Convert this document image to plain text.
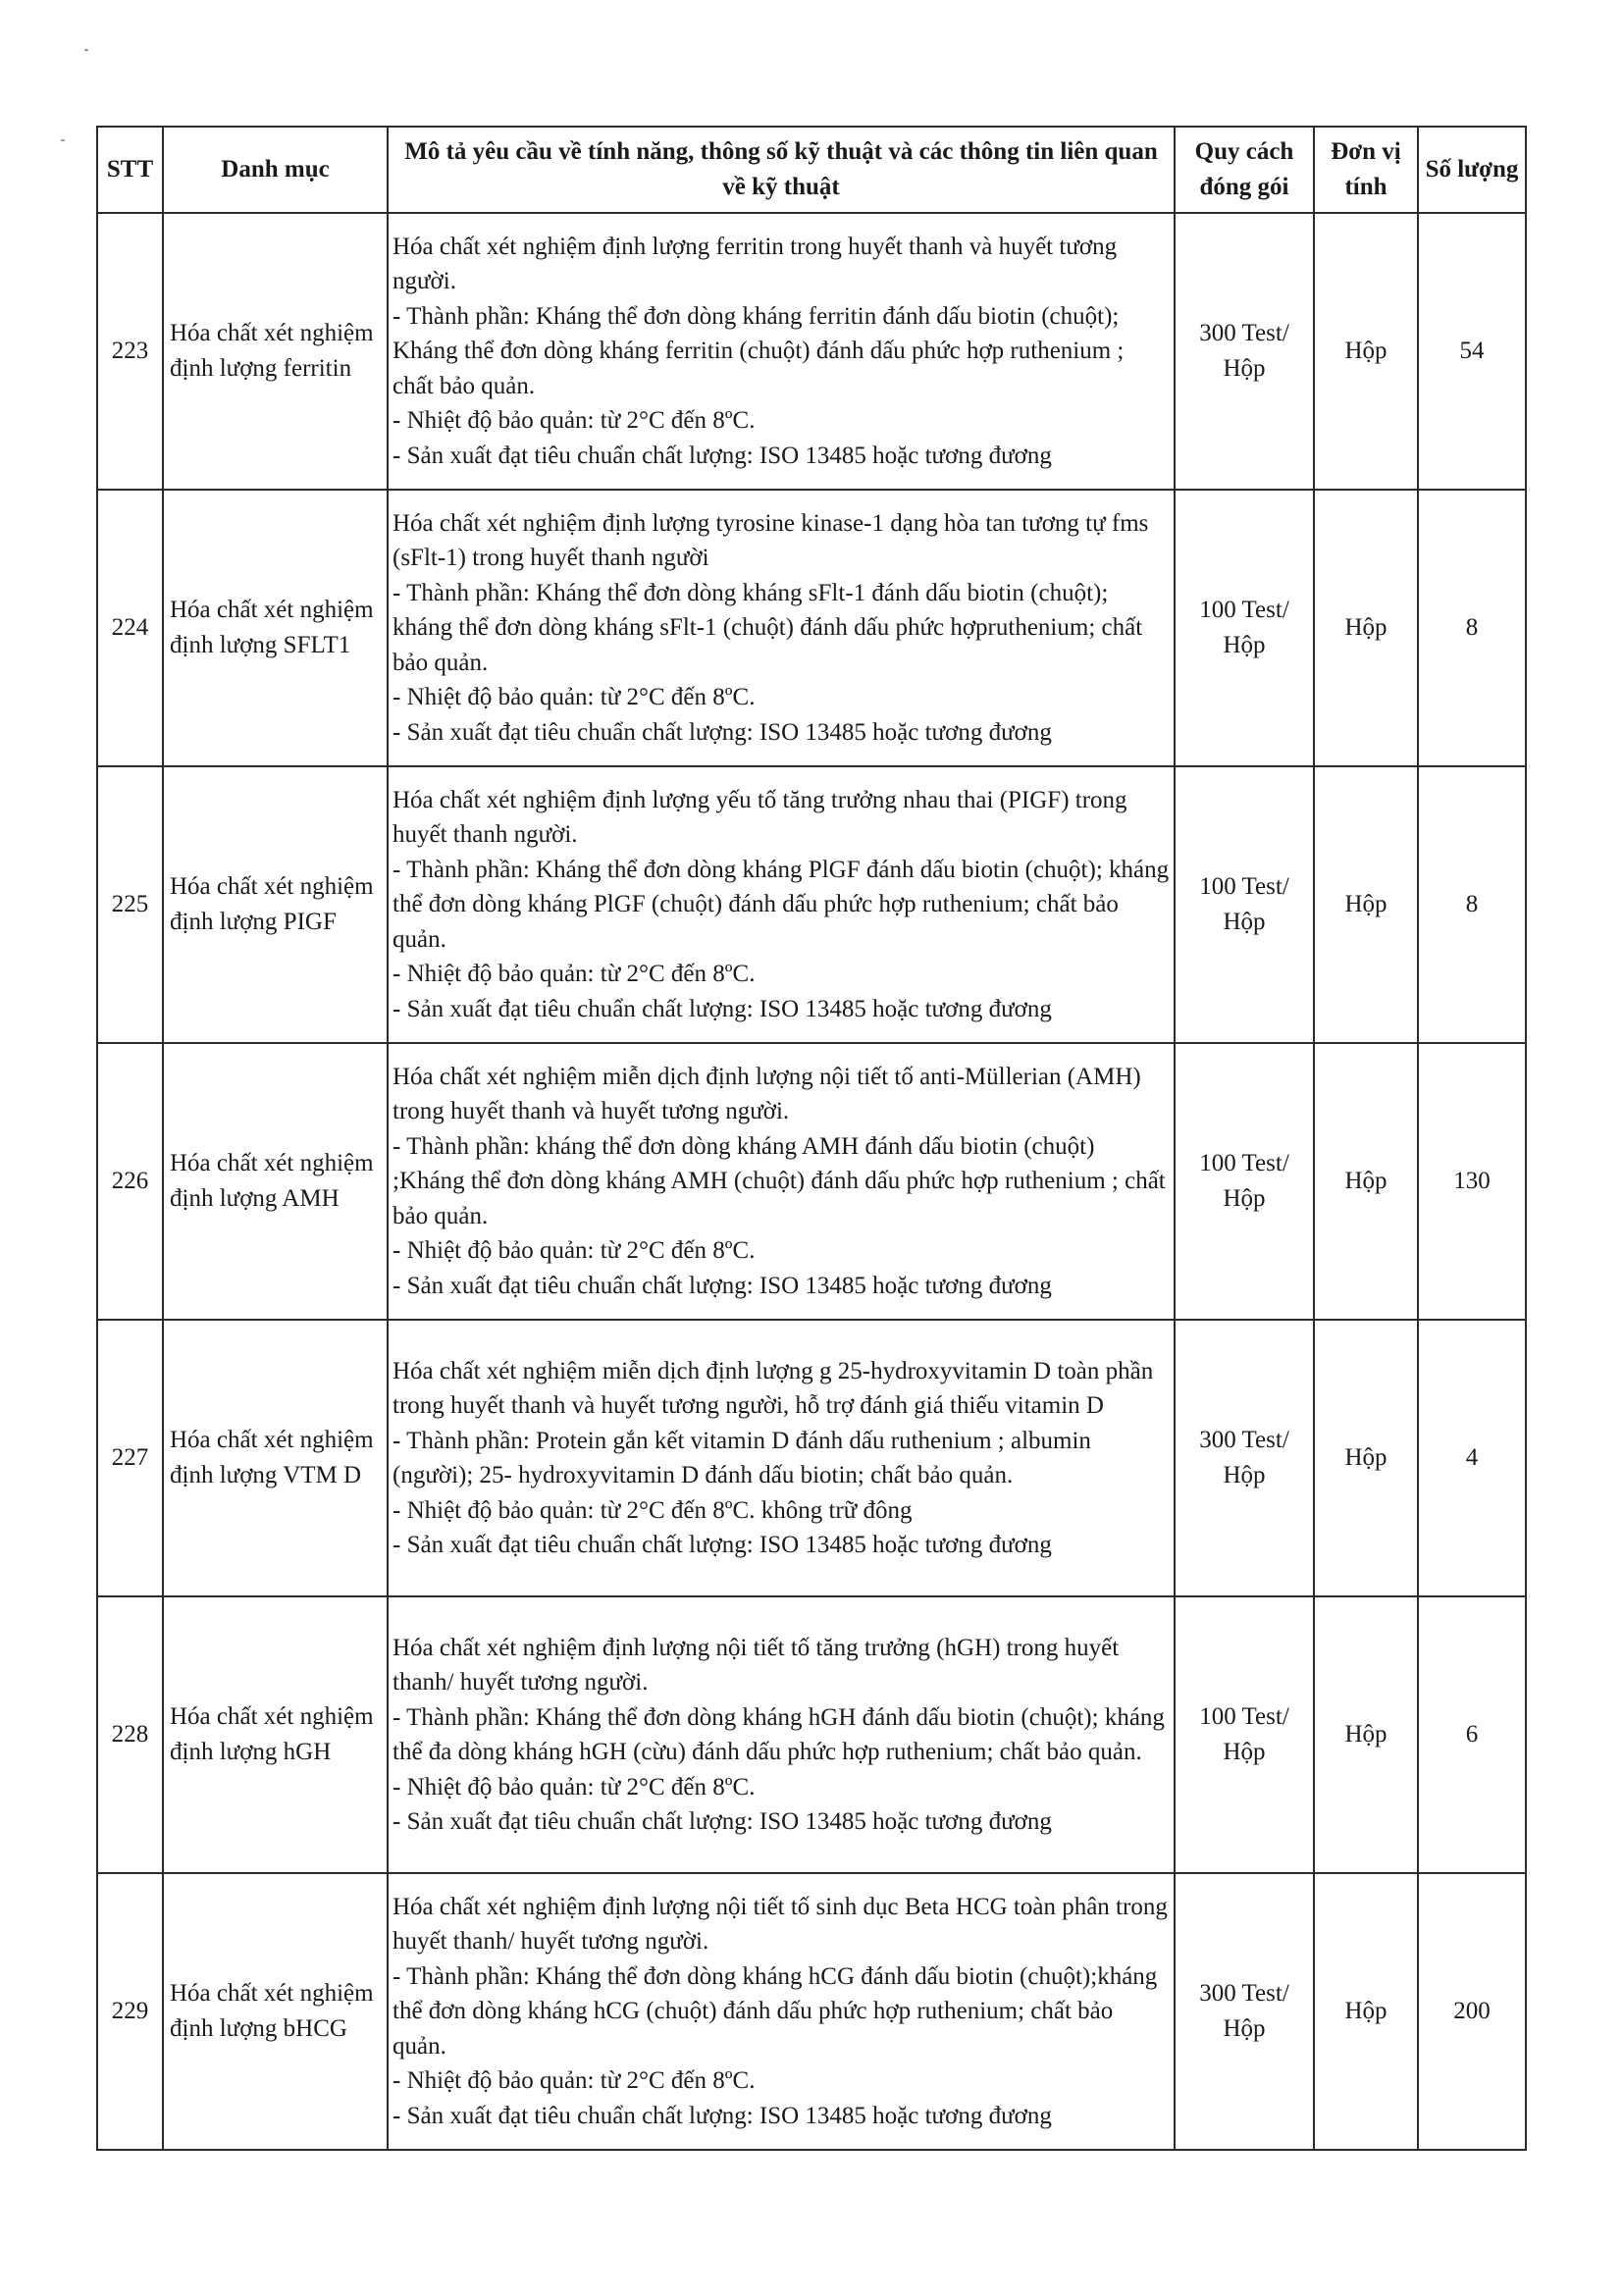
STT	Danh mục	Mô tả yêu cầu về tính năng, thông số kỹ thuật và các thông tin liên quan về kỹ thuật	Quy cách đóng gói	Đơn vị tính	Số lượng
223	Hóa chất xét nghiệm định lượng ferritin	Hóa chất xét nghiệm định lượng ferritin trong huyết thanh và huyết tương người.
- Thành phần: Kháng thể đơn dòng kháng ferritin đánh dấu biotin (chuột); Kháng thể đơn dòng kháng ferritin (chuột) đánh dấu phức hợp ruthenium ; chất bảo quản.
- Nhiệt độ bảo quản: từ 2°C đến 8ºC.
- Sản xuất đạt tiêu chuẩn chất lượng: ISO 13485 hoặc tương đương	300 Test/ Hộp	Hộp	54
224	Hóa chất xét nghiệm định lượng SFLT1	Hóa chất xét nghiệm định lượng tyrosine kinase-1 dạng hòa tan tương tự fms (sFlt-1) trong huyết thanh người
- Thành phần: Kháng thể đơn dòng kháng sFlt-1 đánh dấu biotin (chuột); kháng thể đơn dòng kháng sFlt-1 (chuột) đánh dấu phức hợpruthenium; chất bảo quản.
- Nhiệt độ bảo quản: từ 2°C đến 8ºC.
- Sản xuất đạt tiêu chuẩn chất lượng: ISO 13485 hoặc tương đương	100 Test/ Hộp	Hộp	8
225	Hóa chất xét nghiệm định lượng PIGF	Hóa chất xét nghiệm định lượng yếu tố tăng trưởng nhau thai (PIGF) trong huyết thanh người.
- Thành phần: Kháng thể đơn dòng kháng PlGF đánh dấu biotin (chuột); kháng thể đơn dòng kháng PlGF (chuột) đánh dấu phức hợp ruthenium; chất bảo quản.
- Nhiệt độ bảo quản: từ 2°C đến 8ºC.
- Sản xuất đạt tiêu chuẩn chất lượng: ISO 13485 hoặc tương đương	100 Test/ Hộp	Hộp	8
226	Hóa chất xét nghiệm định lượng AMH	Hóa chất xét nghiệm miễn dịch định lượng nội tiết tố anti-Müllerian (AMH) trong huyết thanh và huyết tương người.
- Thành phần: kháng thể đơn dòng kháng AMH đánh dấu biotin (chuột) ;Kháng thể đơn dòng kháng AMH (chuột) đánh dấu phức hợp ruthenium ; chất bảo quản.
- Nhiệt độ bảo quản: từ 2°C đến 8ºC.
- Sản xuất đạt tiêu chuẩn chất lượng: ISO 13485 hoặc tương đương	100 Test/ Hộp	Hộp	130
227	Hóa chất xét nghiệm định lượng VTM D	Hóa chất xét nghiệm miễn dịch định lượng g 25-hydroxyvitamin D toàn phần trong huyết thanh và huyết tương người, hỗ trợ đánh giá thiếu vitamin D
- Thành phần: Protein gắn kết vitamin D đánh dấu ruthenium ; albumin (người); 25- hydroxyvitamin D đánh dấu biotin; chất bảo quản.
- Nhiệt độ bảo quản: từ 2°C đến 8ºC. không trữ đông
- Sản xuất đạt tiêu chuẩn chất lượng: ISO 13485 hoặc tương đương	300 Test/ Hộp	Hộp	4
228	Hóa chất xét nghiệm định lượng hGH	Hóa chất xét nghiệm định lượng nội tiết tố tăng trưởng (hGH) trong huyết thanh/ huyết tương người.
- Thành phần: Kháng thể đơn dòng kháng hGH đánh dấu biotin (chuột); kháng thể đa dòng kháng hGH (cừu) đánh dấu phức hợp ruthenium; chất bảo quản.
- Nhiệt độ bảo quản: từ 2°C đến 8ºC.
- Sản xuất đạt tiêu chuẩn chất lượng: ISO 13485 hoặc tương đương	100 Test/ Hộp	Hộp	6
229	Hóa chất xét nghiệm định lượng bHCG	Hóa chất xét nghiệm định lượng nội tiết tố sinh dục Beta HCG toàn phân trong huyết thanh/ huyết tương người.
- Thành phần: Kháng thể đơn dòng kháng hCG đánh dấu biotin (chuột);kháng thể đơn dòng kháng hCG (chuột) đánh dấu phức hợp ruthenium; chất bảo quản.
- Nhiệt độ bảo quản: từ 2°C đến 8ºC.
- Sản xuất đạt tiêu chuẩn chất lượng: ISO 13485 hoặc tương đương	300 Test/ Hộp	Hộp	200
